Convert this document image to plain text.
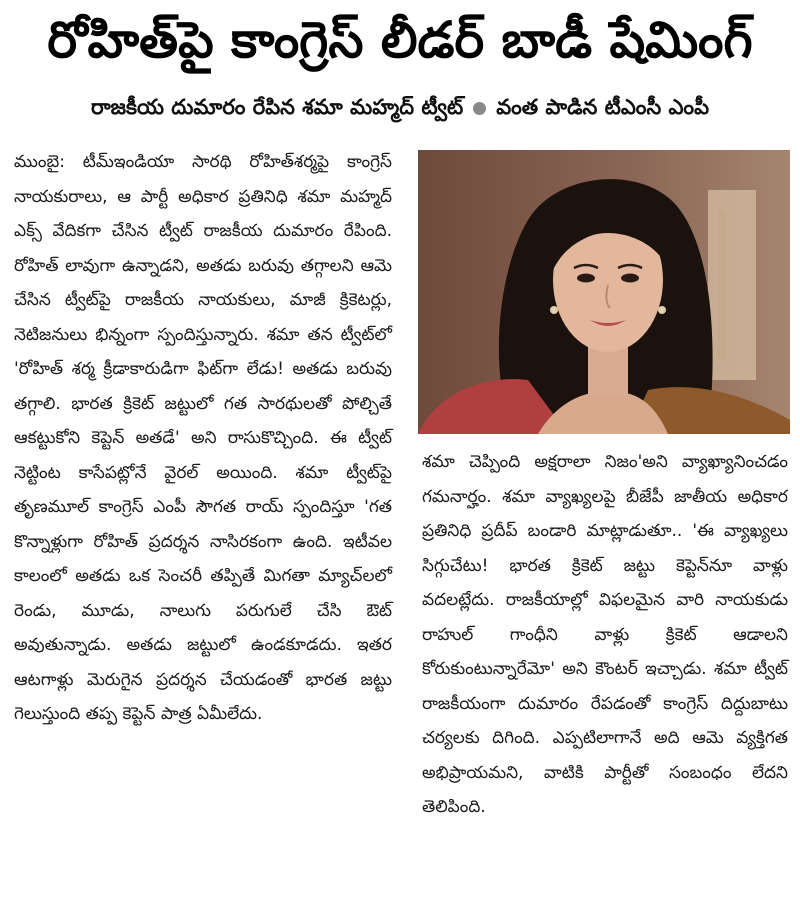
రోహిత్‌పై కాంగ్రెస్ లీడర్ బాడీ షేమింగ్
రాజకీయ దుమారం రేపిన శమా మహ్మద్ ట్వీట్ వంత పాడిన టీఎంసీ ఎంపీ

ముంబై: టీమ్‌ఇండియా సారథి రోహిత్‌శర్మపై కాంగ్రెస్ నాయకురాలు, ఆ పార్టీ అధికార ప్రతినిధి శమా మహ్మద్ ఎక్స్ వేదికగా చేసిన ట్వీట్ రాజకీయ దుమారం రేపింది. రోహిత్ లావుగా ఉన్నాడని, అతడు బరువు తగ్గాలని ఆమె చేసిన ట్వీట్‌పై రాజకీయ నాయకులు, మాజీ క్రికెటర్లు, నెటిజనులు భిన్నంగా స్పందిస్తున్నారు. శమా తన ట్వీట్‌లో 'రోహిత్ శర్మ క్రీడాకారుడిగా ఫిట్‌గా లేడు! అతడు బరువు తగ్గాలి. భారత క్రికెట్ జట్టులో గత సారథులతో పోల్చితే ఆకట్టుకోని కెప్టెన్ అతడే' అని రాసుకొచ్చింది. ఈ ట్వీట్ నెట్టింట కాసేపట్లోనే వైరల్ అయింది. శమా ట్వీట్‌పై తృణమూల్ కాంగ్రెస్ ఎంపీ సౌగత రాయ్ స్పందిస్తూ 'గత కొన్నాళ్లుగా రోహిత్ ప్రదర్శన నాసిరకంగా ఉంది. ఇటీవల కాలంలో అతడు ఒక సెంచరీ తప్పితే మిగతా మ్యాచ్‌లలో రెండు, మూడు, నాలుగు పరుగులే చేసి ఔట్ అవుతున్నాడు. అతడు జట్టులో ఉండకూడదు. ఇతర ఆటగాళ్లు మెరుగైన ప్రదర్శన చేయడంతో భారత జట్టు గెలుస్తుంది తప్ప కెప్టెన్ పాత్ర ఏమీలేదు.

శమా చెప్పింది అక్షరాలా నిజం'అని వ్యాఖ్యానించడం గమనార్హం. శమా వ్యాఖ్యలపై బీజేపీ జాతీయ అధికార ప్రతినిధి ప్రదీప్ బండారి మాట్లాడుతూ.. 'ఈ వ్యాఖ్యలు సిగ్గుచేటు! భారత క్రికెట్ జట్టు కెప్టెన్‌నూ వాళ్లు వదలట్లేదు. రాజకీయాల్లో విఫలమైన వారి నాయకుడు రాహుల్ గాంధీని వాళ్లు క్రికెట్ ఆడాలని కోరుకుంటున్నారేమో' అని కౌంటర్ ఇచ్చాడు. శమా ట్వీట్ రాజకీయంగా దుమారం రేపడంతో కాంగ్రెస్ దిద్దుబాటు చర్యలకు దిగింది. ఎప్పటిలాగానే అది ఆమె వ్యక్తిగత అభిప్రాయమని, వాటికి పార్టీతో సంబంధం లేదని తెలిపింది.
